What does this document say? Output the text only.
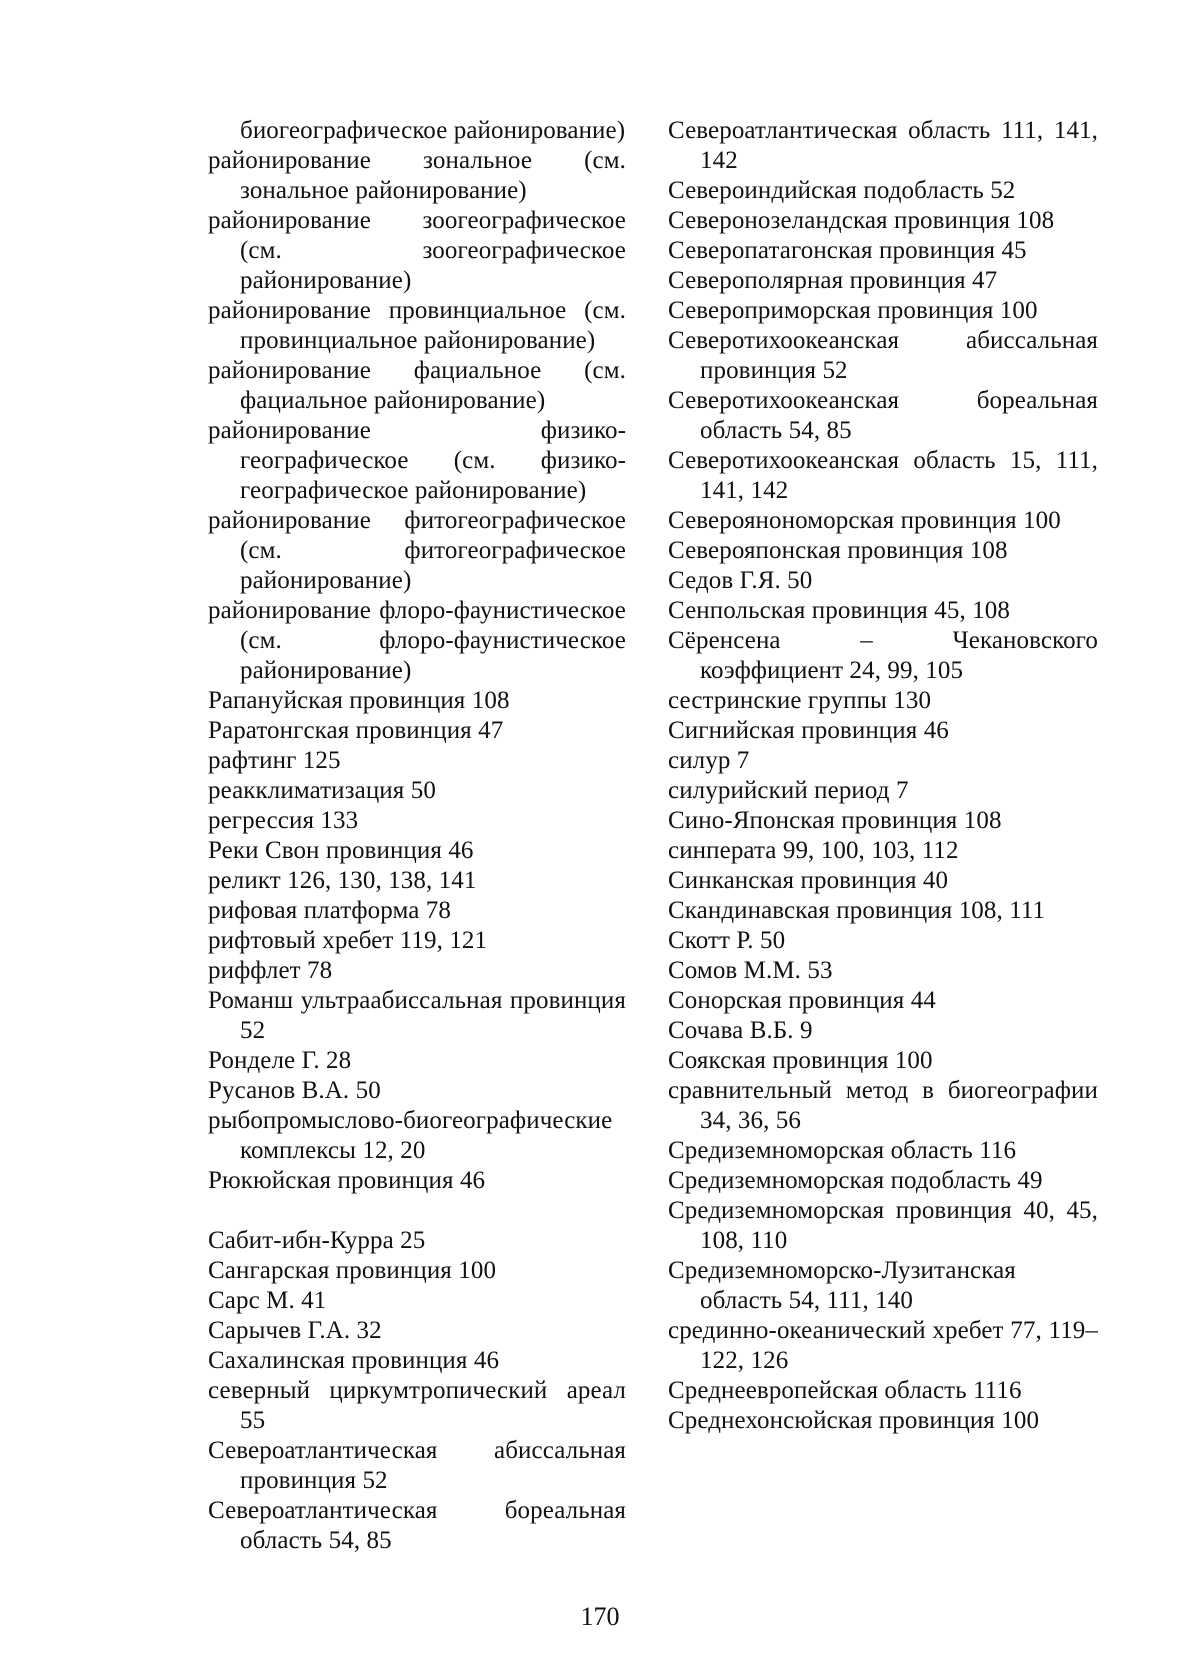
биогеографическое районирование)
районирование зональное (см. зональное районирование)
районирование зоогеографическое (см. зоогеографическое районирование)
районирование провинциальное (см. провинциальное районирование)
районирование фациальное (см. фациальное районирование)
районирование физико-географическое (см. физико-географическое районирование)
районирование фитогеографическое (см. фитогеографическое районирование)
районирование флоро-фаунистическое (см. флоро-фаунистическое районирование)
Рапануйская провинция 108
Раратонгская провинция 47
рафтинг 125
реакклиматизация 50
регрессия 133
Реки Свон провинция 46
реликт 126, 130, 138, 141
рифовая платформа 78
рифтовый хребет 119, 121
риффлет 78
Романш ультраабиссальная провинция 52
Ронделе Г. 28
Русанов В.А. 50
рыбопромыслово-биогеографические комплексы 12, 20
Рюкюйская провинция 46
Сабит-ибн-Курра 25
Сангарская провинция 100
Сарс М. 41
Сарычев Г.А. 32
Сахалинская провинция 46
северный циркумтропический ареал 55
Североатлантическая абиссальная провинция 52
Североатлантическая бореальная область 54, 85
Североатлантическая область 111, 141, 142
Североиндийская подобласть 52
Северонозеландская провинция 108
Северопатагонская провинция 45
Северополярная провинция 47
Североприморская провинция 100
Северотихоокеанская абиссальная провинция 52
Северотихоокеанская бореальная область 54, 85
Северотихоокеанская область 15, 111, 141, 142
Североянономорская провинция 100
Северояпонская провинция 108
Седов Г.Я. 50
Сенпольская провинция 45, 108
Сёренсена – Чекановского коэффициент 24, 99, 105
сестринские группы 130
Сигнийская провинция 46
силур 7
силурийский период 7
Сино-Японская провинция 108
синперата 99, 100, 103, 112
Синканская провинция 40
Скандинавская провинция 108, 111
Скотт Р. 50
Сомов М.М. 53
Сонорская провинция 44
Сочава В.Б. 9
Соякская провинция 100
сравнительный метод в биогеографии 34, 36, 56
Средиземноморская область 116
Средиземноморская подобласть 49
Средиземноморская провинция 40, 45, 108, 110
Средиземноморско-Лузитанская область 54, 111, 140
срединно-океанический хребет 77, 119–122, 126
Среднеевропейская область 1116
Среднехонсюйская провинция 100
170
